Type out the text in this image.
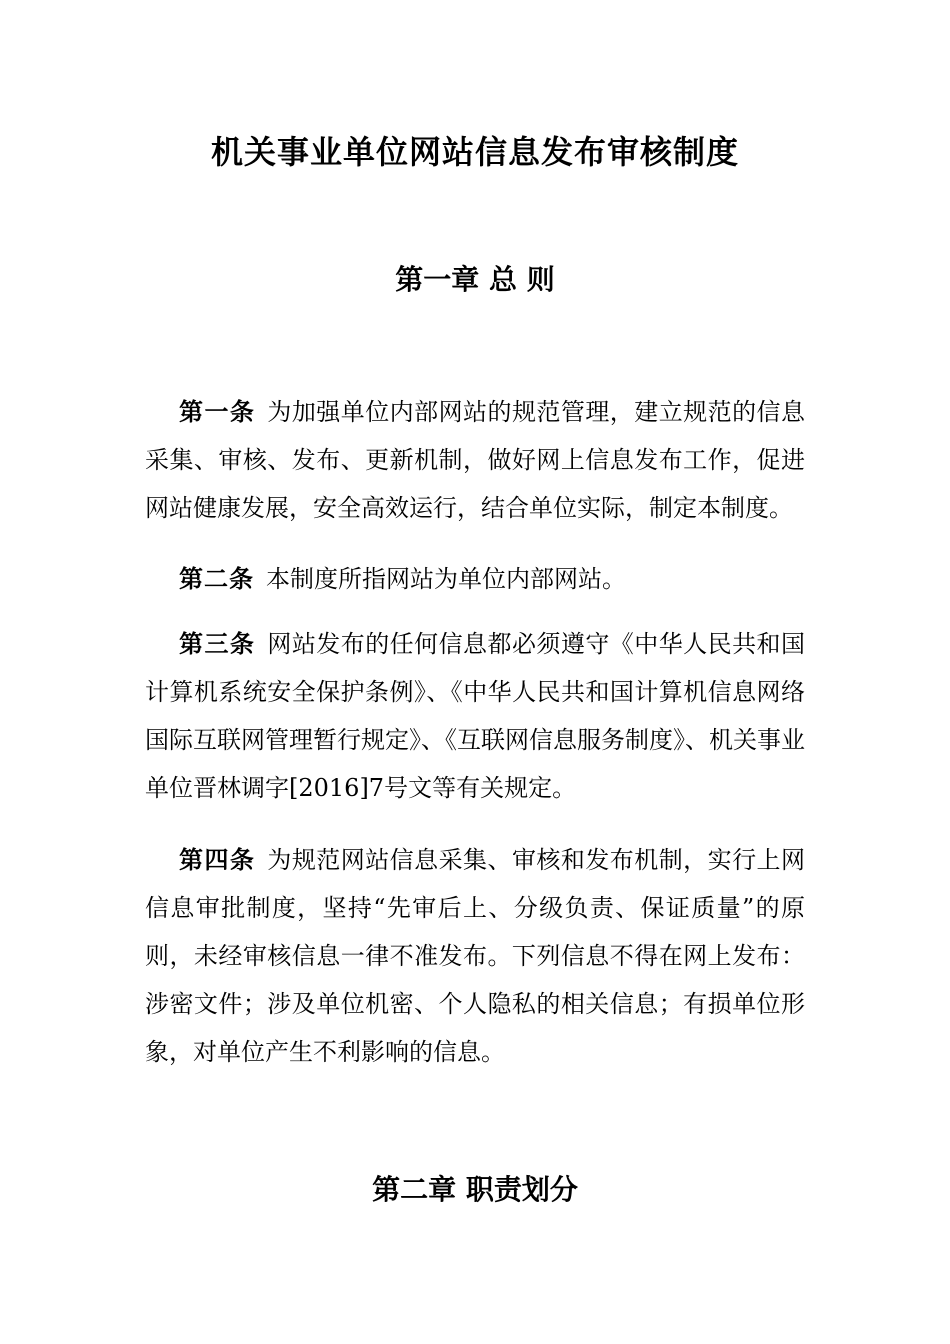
机关事业单位网站信息发布审核制度
第一章 总 则

第一条 为加强单位内部网站的规范管理，建立规范的信息采集、审核、发布、更新机制，做好网上信息发布工作，促进网站健康发展，安全高效运行，结合单位实际，制定本制度。

第二条 本制度所指网站为单位内部网站。

第三条 网站发布的任何信息都必须遵守《中华人民共和国计算机系统安全保护条例》、《中华人民共和国计算机信息网络国际互联网管理暂行规定》、《互联网信息服务制度》、机关事业单位晋林调字[2016]7号文等有关规定。

第四条 为规范网站信息采集、审核和发布机制，实行上网信息审批制度，坚持“先审后上、分级负责、保证质量”的原则，未经审核信息一律不准发布。下列信息不得在网上发布：涉密文件；涉及单位机密、个人隐私的相关信息；有损单位形象，对单位产生不利影响的信息。

第二章 职责划分
